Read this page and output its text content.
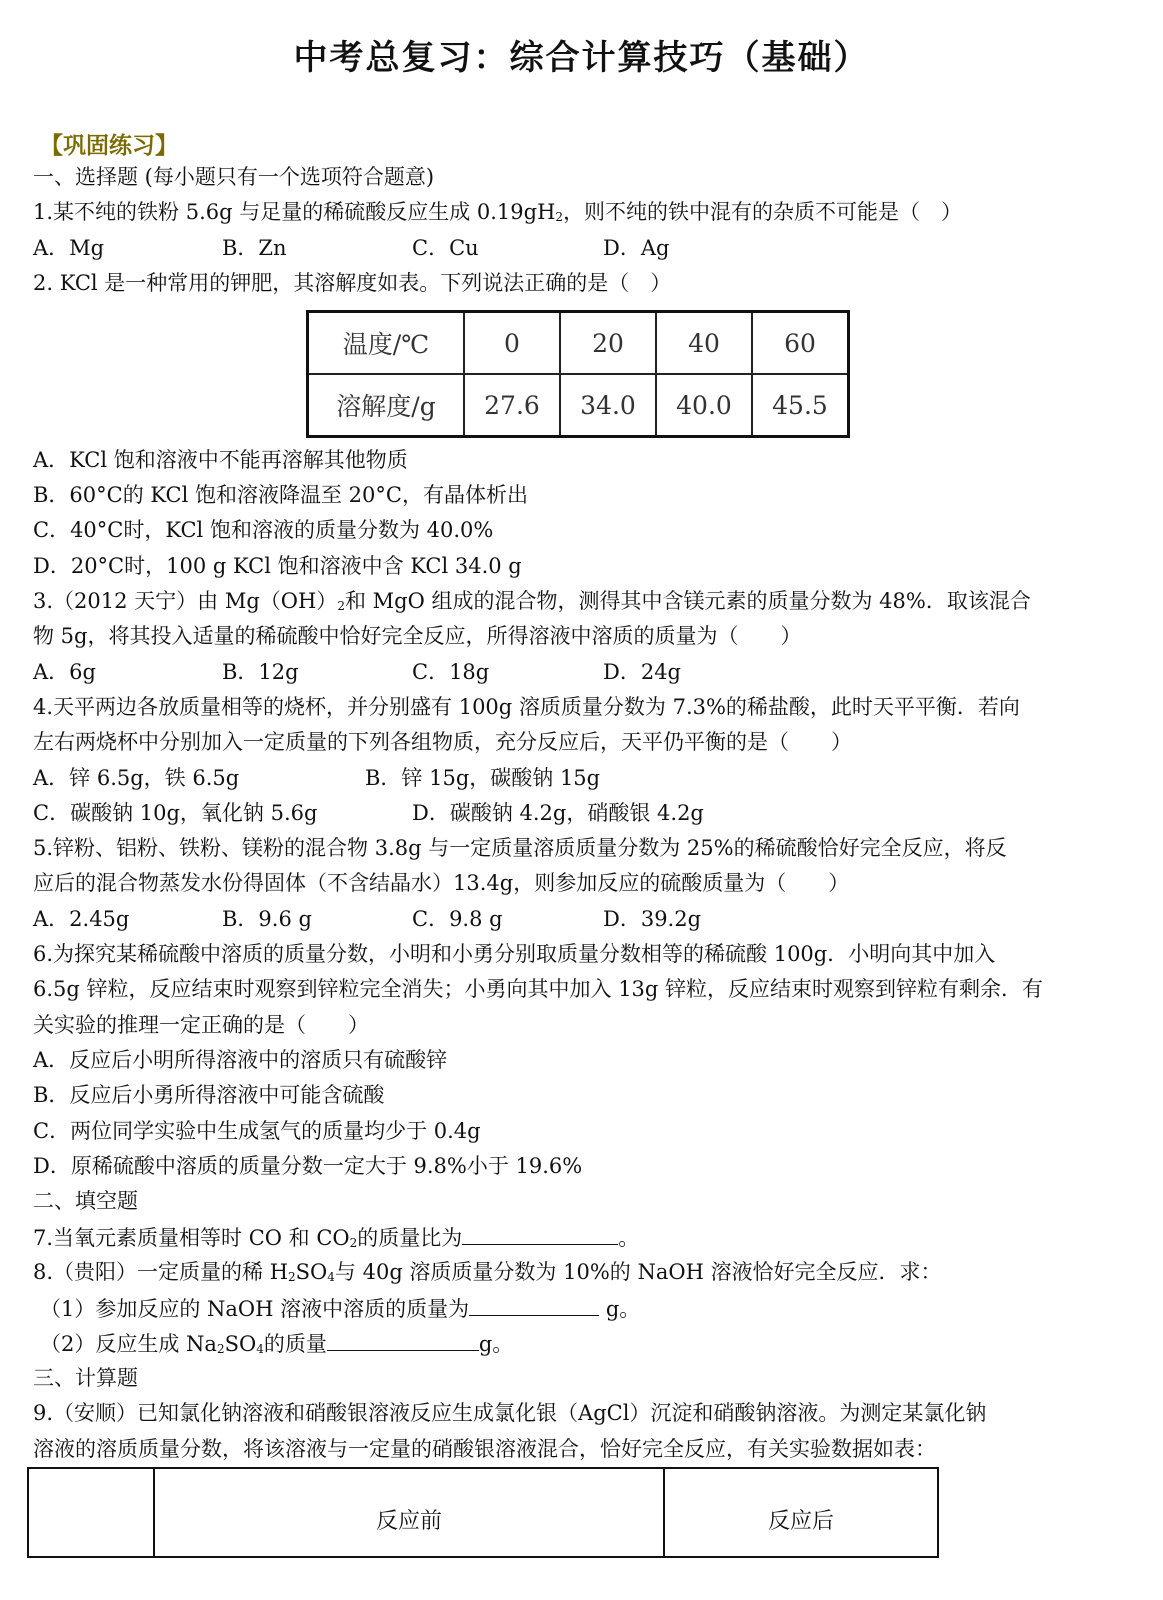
中考总复习：综合计算技巧（基础）
【巩固练习】
一、选择题 (每小题只有一个选项符合题意)
1.某不纯的铁粉 5.6g 与足量的稀硫酸反应生成 $0.19gH_2$，则不纯的铁中混有的杂质不可能是（　）
A．Mg	B．Zn	C．Cu	D．Ag
2. KCl 是一种常用的钾肥，其溶解度如表。下列说法正确的是（　）
温度/℃	0	20	40	60
溶解度/g	27.6	34.0	40.0	45.5
A．KCl 饱和溶液中不能再溶解其他物质
B．60°C的 KCl 饱和溶液降温至 20°C，有晶体析出
C．40°C时，KCl 饱和溶液的质量分数为 40.0%
D．20°C时，100 g KCl 饱和溶液中含 KCl 34.0 g
3.（2012 天宁）由 $Mg(OH)_2$和 MgO 组成的混合物，测得其中含镁元素的质量分数为 48%．取该混合
物 5g，将其投入适量的稀硫酸中恰好完全反应，所得溶液中溶质的质量为（　　）
A．6g	B．12g	C．18g	D．24g
4.天平两边各放质量相等的烧杯，并分别盛有 100g 溶质质量分数为 7.3%的稀盐酸，此时天平平衡．若向
左右两烧杯中分别加入一定质量的下列各组物质，充分反应后，天平仍平衡的是（　　）
A．锌 6.5g，铁 6.5g	B．锌 15g，碳酸钠 15g
C．碳酸钠 10g，氧化钠 5.6g	D．碳酸钠 4.2g，硝酸银 4.2g
5.锌粉、铝粉、铁粉、镁粉的混合物 3.8g 与一定质量溶质质量分数为 25%的稀硫酸恰好完全反应，将反
应后的混合物蒸发水份得固体（不含结晶水）13.4g，则参加反应的硫酸质量为（　　）
A．2.45g	B．9.6 g	C．9.8 g	D．39.2g
6.为探究某稀硫酸中溶质的质量分数，小明和小勇分别取质量分数相等的稀硫酸 100g．小明向其中加入
6.5g 锌粒，反应结束时观察到锌粒完全消失；小勇向其中加入 13g 锌粒，反应结束时观察到锌粒有剩余．有
关实验的推理一定正确的是（　　）
A．反应后小明所得溶液中的溶质只有硫酸锌
B．反应后小勇所得溶液中可能含硫酸
C．两位同学实验中生成氢气的质量均少于 0.4g
D．原稀硫酸中溶质的质量分数一定大于 9.8%小于 19.6%
二、填空题
7.当氧元素质量相等时 CO 和 $CO_2$的质量比为	。
8.（贵阳）一定质量的稀 $H_2SO_4$与 40g 溶质质量分数为 10%的 NaOH 溶液恰好完全反应．求：
（1）参加反应的 NaOH 溶液中溶质的质量为	g。
（2）反应生成 $Na_2SO_4$的质量	g。
三、计算题
9.（安顺）已知氯化钠溶液和硝酸银溶液反应生成氯化银（AgCl）沉淀和硝酸钠溶液。为测定某氯化钠
溶液的溶质质量分数，将该溶液与一定量的硝酸银溶液混合，恰好完全反应，有关实验数据如表：
	反应前	反应后
